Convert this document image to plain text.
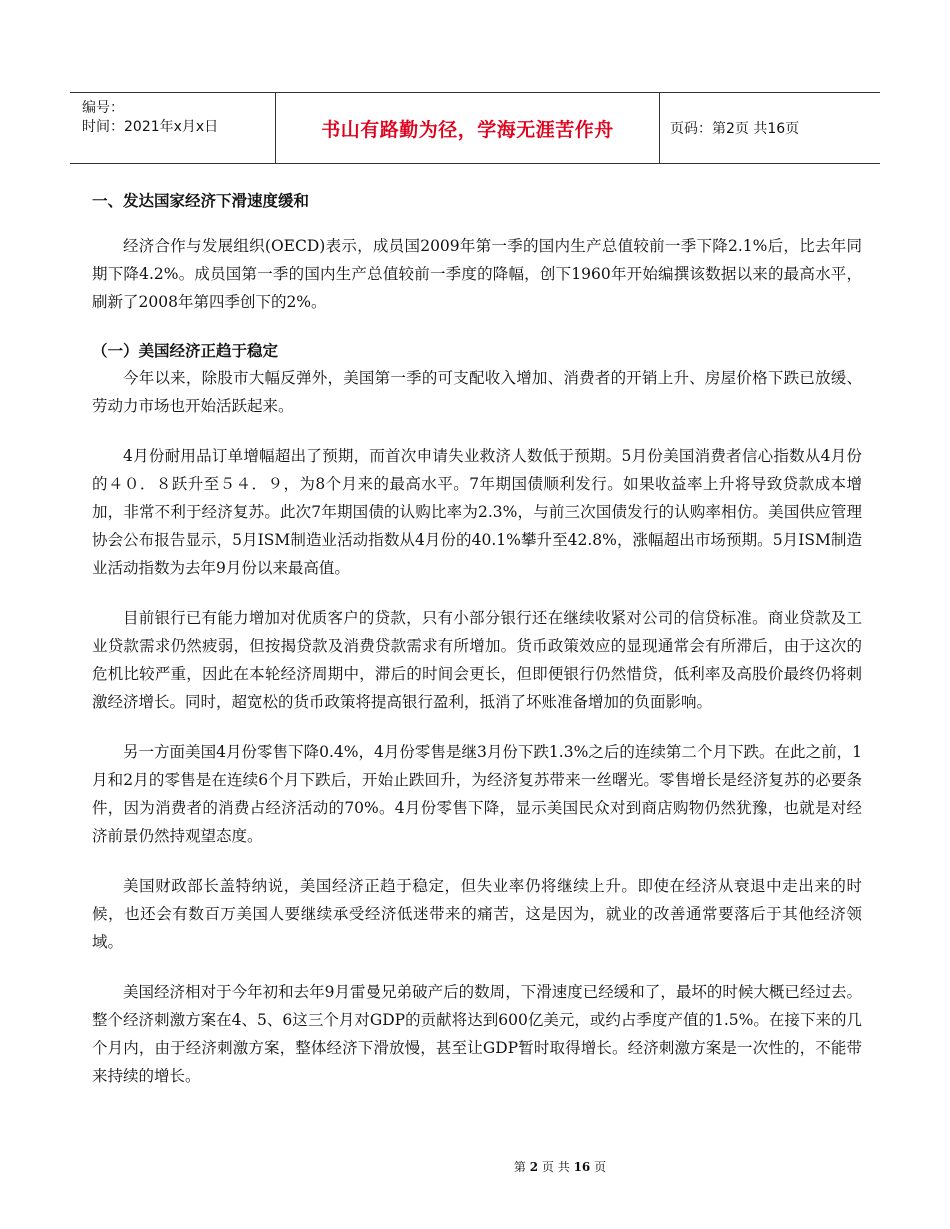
编号：
时间：2021年x月x日	书山有路勤为径，学海无涯苦作舟	页码：第2页 共16页
一、发达国家经济下滑速度缓和

经济合作与发展组织(OECD)表示，成员国2009年第一季的国内生产总值较前一季下降2.1%后，比去年同期下降4.2%。成员国第一季的国内生产总值较前一季度的降幅，创下1960年开始编撰该数据以来的最高水平，刷新了2008年第四季创下的2%。

（一）美国经济正趋于稳定

今年以来，除股市大幅反弹外，美国第一季的可支配收入增加、消费者的开销上升、房屋价格下跌已放缓、劳动力市场也开始活跃起来。

4月份耐用品订单增幅超出了预期，而首次申请失业救济人数低于预期。5月份美国消费者信心指数从4月份的４０．８跃升至５４．９，为8个月来的最高水平。7年期国债顺利发行。如果收益率上升将导致贷款成本增加，非常不利于经济复苏。此次7年期国债的认购比率为2.3%，与前三次国债发行的认购率相仿。美国供应管理协会公布报告显示，5月ISM制造业活动指数从4月份的40.1%攀升至42.8%，涨幅超出市场预期。5月ISM制造业活动指数为去年9月份以来最高值。

目前银行已有能力增加对优质客户的贷款，只有小部分银行还在继续收紧对公司的信贷标准。商业贷款及工业贷款需求仍然疲弱，但按揭贷款及消费贷款需求有所增加。货币政策效应的显现通常会有所滞后，由于这次的危机比较严重，因此在本轮经济周期中，滞后的时间会更长，但即便银行仍然惜贷，低利率及高股价最终仍将刺激经济增长。同时，超宽松的货币政策将提高银行盈利，抵消了坏账准备增加的负面影响。

另一方面美国4月份零售下降0.4%，4月份零售是继3月份下跌1.3%之后的连续第二个月下跌。在此之前，1月和2月的零售是在连续6个月下跌后，开始止跌回升，为经济复苏带来一丝曙光。零售增长是经济复苏的必要条件，因为消费者的消费占经济活动的70%。4月份零售下降，显示美国民众对到商店购物仍然犹豫，也就是对经济前景仍然持观望态度。

美国财政部长盖特纳说，美国经济正趋于稳定，但失业率仍将继续上升。即使在经济从衰退中走出来的时候，也还会有数百万美国人要继续承受经济低迷带来的痛苦，这是因为，就业的改善通常要落后于其他经济领域。

美国经济相对于今年初和去年9月雷曼兄弟破产后的数周，下滑速度已经缓和了，最坏的时候大概已经过去。整个经济刺激方案在4、5、6这三个月对GDP的贡献将达到600亿美元，或约占季度产值的1.5%。在接下来的几个月内，由于经济刺激方案，整体经济下滑放慢，甚至让GDP暂时取得增长。经济刺激方案是一次性的，不能带来持续的增长。

第 2 页 共 16 页
